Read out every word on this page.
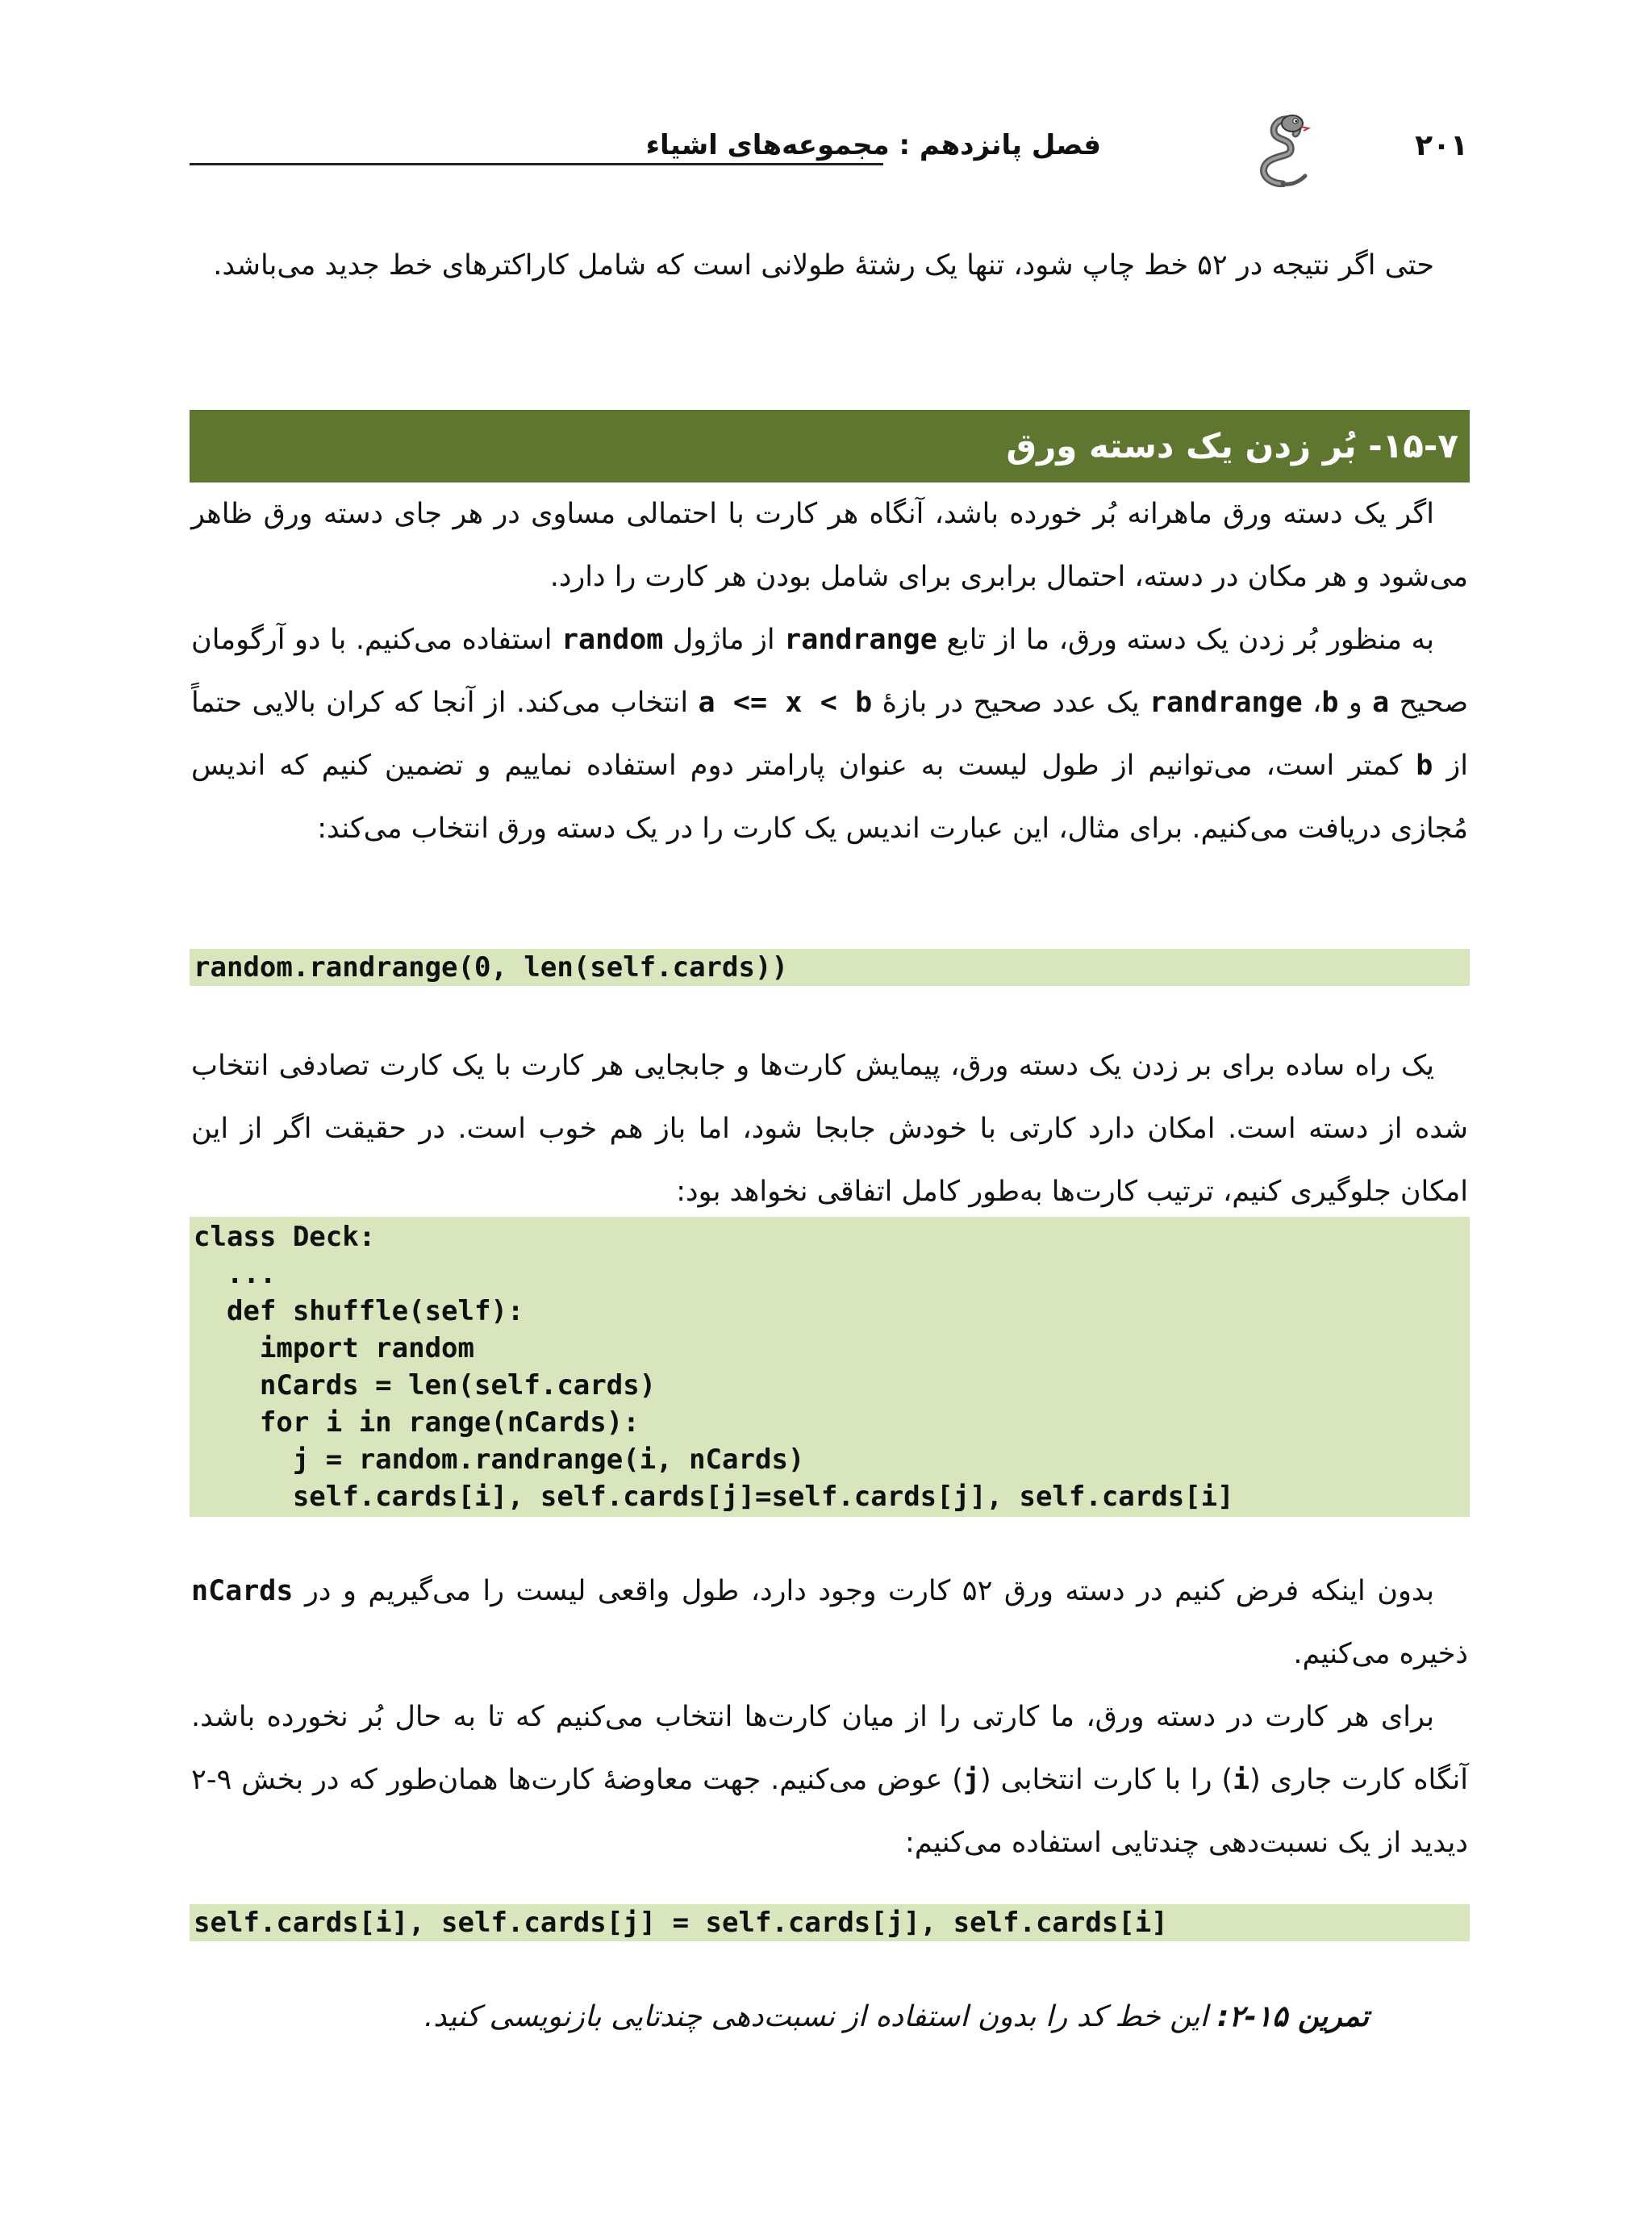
فصل پانزدهم : مجموعه‌های اشیاء	۲۰۱

حتی اگر نتیجه در ۵۲ خط چاپ شود، تنها یک رشتهٔ طولانی است که شامل کاراکترهای خط جدید می‌باشد.

۱۵-۷- بُر زدن یک دسته ورق

اگر یک دسته ورق ماهرانه بُر خورده باشد، آنگاه هر کارت با احتمالی مساوی در هر جای دسته ورق ظاهر می‌شود و هر مکان در دسته، احتمال برابری برای شامل بودن هر کارت را دارد.

به منظور بُر زدن یک دسته ورق، ما از تابع randrange از ماژول random استفاده می‌کنیم. با دو آرگومان صحیح a و b، randrange یک عدد صحیح در بازهٔ a <= x < b انتخاب می‌کند. از آنجا که کران بالایی حتماً از b کمتر است، می‌توانیم از طول لیست به عنوان پارامتر دوم استفاده نماییم و تضمین کنیم که اندیس مُجازی دریافت می‌کنیم. برای مثال، این عبارت اندیس یک کارت را در یک دسته ورق انتخاب می‌کند:

random.randrange(0, len(self.cards))

یک راه ساده برای بر زدن یک دسته ورق، پیمایش کارت‌ها و جابجایی هر کارت با یک کارت تصادفی انتخاب شده از دسته است. امکان دارد کارتی با خودش جابجا شود، اما باز هم خوب است. در حقیقت اگر از این امکان جلوگیری کنیم، ترتیب کارت‌ها به‌طور کامل اتفاقی نخواهد بود:

class Deck:
...
def shuffle(self):
import random
nCards = len(self.cards)
for i in range(nCards):
j = random.randrange(i, nCards)
self.cards[i], self.cards[j]=self.cards[j], self.cards[i]

بدون اینکه فرض کنیم در دسته ورق ۵۲ کارت وجود دارد، طول واقعی لیست را می‌گیریم و در nCards ذخیره می‌کنیم.

برای هر کارت در دسته ورق، ما کارتی را از میان کارت‌ها انتخاب می‌کنیم که تا به حال بُر نخورده باشد. آنگاه کارت جاری (i) را با کارت انتخابی (j) عوض می‌کنیم. جهت معاوضهٔ کارت‌ها همان‌طور که در بخش ۹-۲ دیدید از یک نسبت‌دهی چندتایی استفاده می‌کنیم:

self.cards[i], self.cards[j] = self.cards[j], self.cards[i]
تمرین ۱۵-۲: این خط کد را بدون استفاده از نسبت‌دهی چندتایی بازنویسی کنید.
